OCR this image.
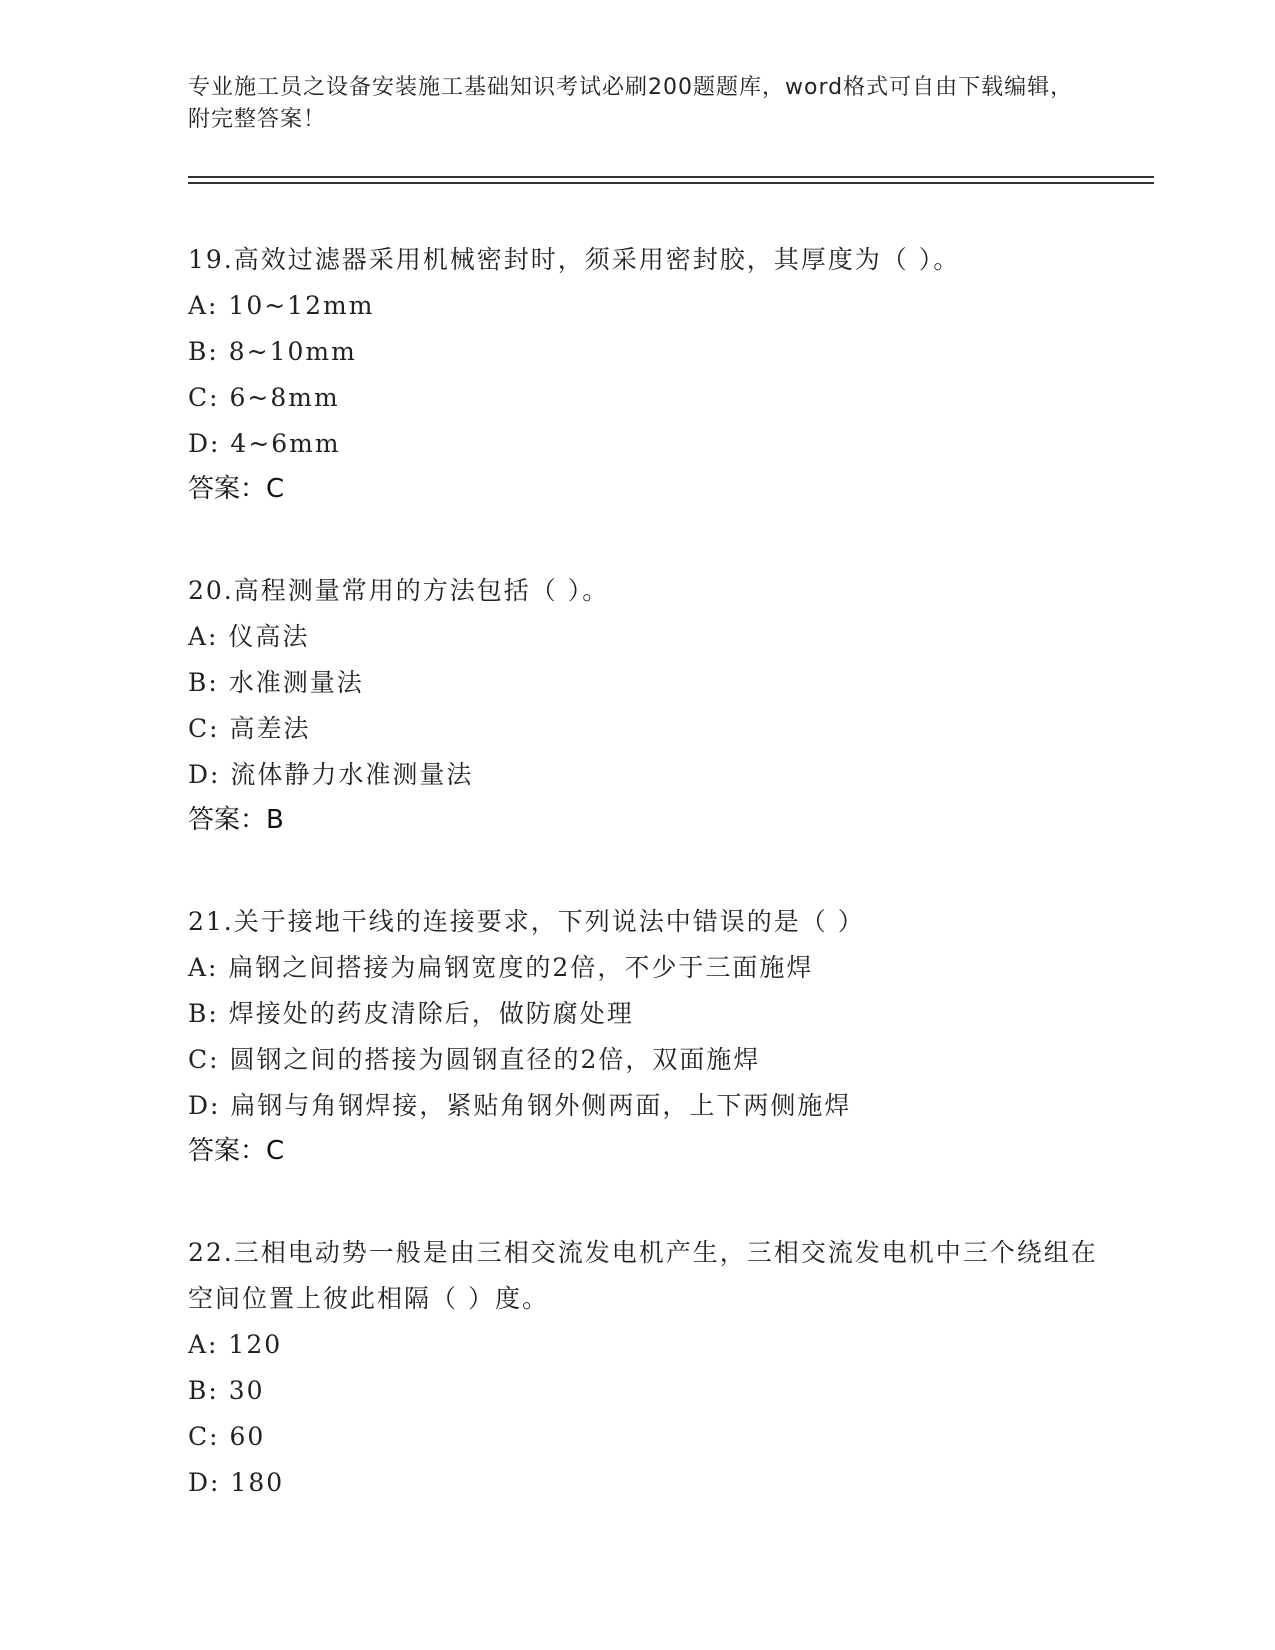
专业施工员之设备安装施工基础知识考试必刷200题题库，word格式可自由下载编辑，附完整答案！
19.高效过滤器采用机械密封时，须采用密封胶，其厚度为（ ）。
A: 10~12mm
B: 8~10mm
C: 6~8mm
D: 4~6mm
答案：C
20.高程测量常用的方法包括（ ）。
A: 仪高法
B: 水准测量法
C: 高差法
D: 流体静力水准测量法
答案：B
21.关于接地干线的连接要求，下列说法中错误的是（ ）
A: 扁钢之间搭接为扁钢宽度的2倍，不少于三面施焊
B: 焊接处的药皮清除后，做防腐处理
C: 圆钢之间的搭接为圆钢直径的2倍，双面施焊
D: 扁钢与角钢焊接，紧贴角钢外侧两面，上下两侧施焊
答案：C
22.三相电动势一般是由三相交流发电机产生，三相交流发电机中三个绕组在空间位置上彼此相隔（ ）度。
A: 120
B: 30
C: 60
D: 180
